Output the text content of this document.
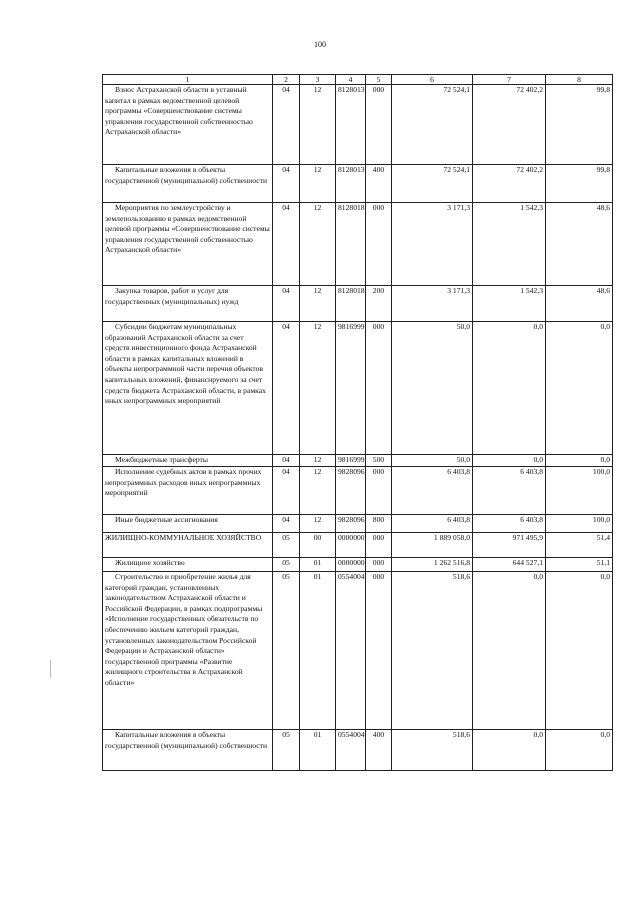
100
1	2	3	4	5	6	7	8
Взнос Астраханской области в уставный капитал в рамках ведомственной целевой программы «Совершенствование системы управления государственной собственностью Астраханской области»	04	12	8128013	000	72 524,1	72 402,2	99,8
Капитальные вложения в объекты государственной (муниципальной) собственности	04	12	8128013	400	72 524,1	72 402,2	99,8
Мероприятия по землеустройству и землепользованию в рамках ведомственной целевой программы «Совершенствование системы управления государственной собственностью Астраханской области»	04	12	8128018	000	3 171,3	1 542,3	48,6
Закупка товаров, работ и услуг для государственных (муниципальных) нужд	04	12	8128018	200	3 171,3	1 542,3	48,6
Субсидии бюджетам муниципальных образований Астраханской области за счет средств инвестиционного фонда Астраханской области в рамках капитальных вложений в объекты непрограммной части перечня объектов капитальных вложений, финансируемого за счет средств бюджета Астраханской области, в рамках иных непрограммных мероприятий	04	12	9816999	000	50,0	0,0	0,0
Межбюджетные трансферты	04	12	9816999	500	50,0	0,0	0,0
Исполнение судебных актов в рамках прочих непрограммных расходов иных непрограммных мероприятий	04	12	9828096	000	6 403,8	6 403,8	100,0
Иные бюджетные ассигнования	04	12	9828096	800	6 403,8	6 403,8	100,0
ЖИЛИЩНО-КОММУНАЛЬНОЕ ХОЗЯЙСТВО	05	00	0000000	000	1 889 058,0	971 495,9	51,4
Жилищное хозяйство	05	01	0000000	000	1 262 516,8	644 527,1	51,1
Строительство и приобретение жилья для категорий граждан, установленных законодательством Астраханской области и Российской Федерации, в рамках подпрограммы «Исполнение государственных обязательств по обеспечению жильем категорий граждан, установленных законодательством Российской Федерации и Астраханской области» государственной программы «Развитие жилищного строительства в Астраханской области»	05	01	0554004	000	518,6	0,0	0,0
Капитальные вложения в объекты государственной (муниципальной) собственности	05	01	0554004	400	518,6	0,0	0,0
